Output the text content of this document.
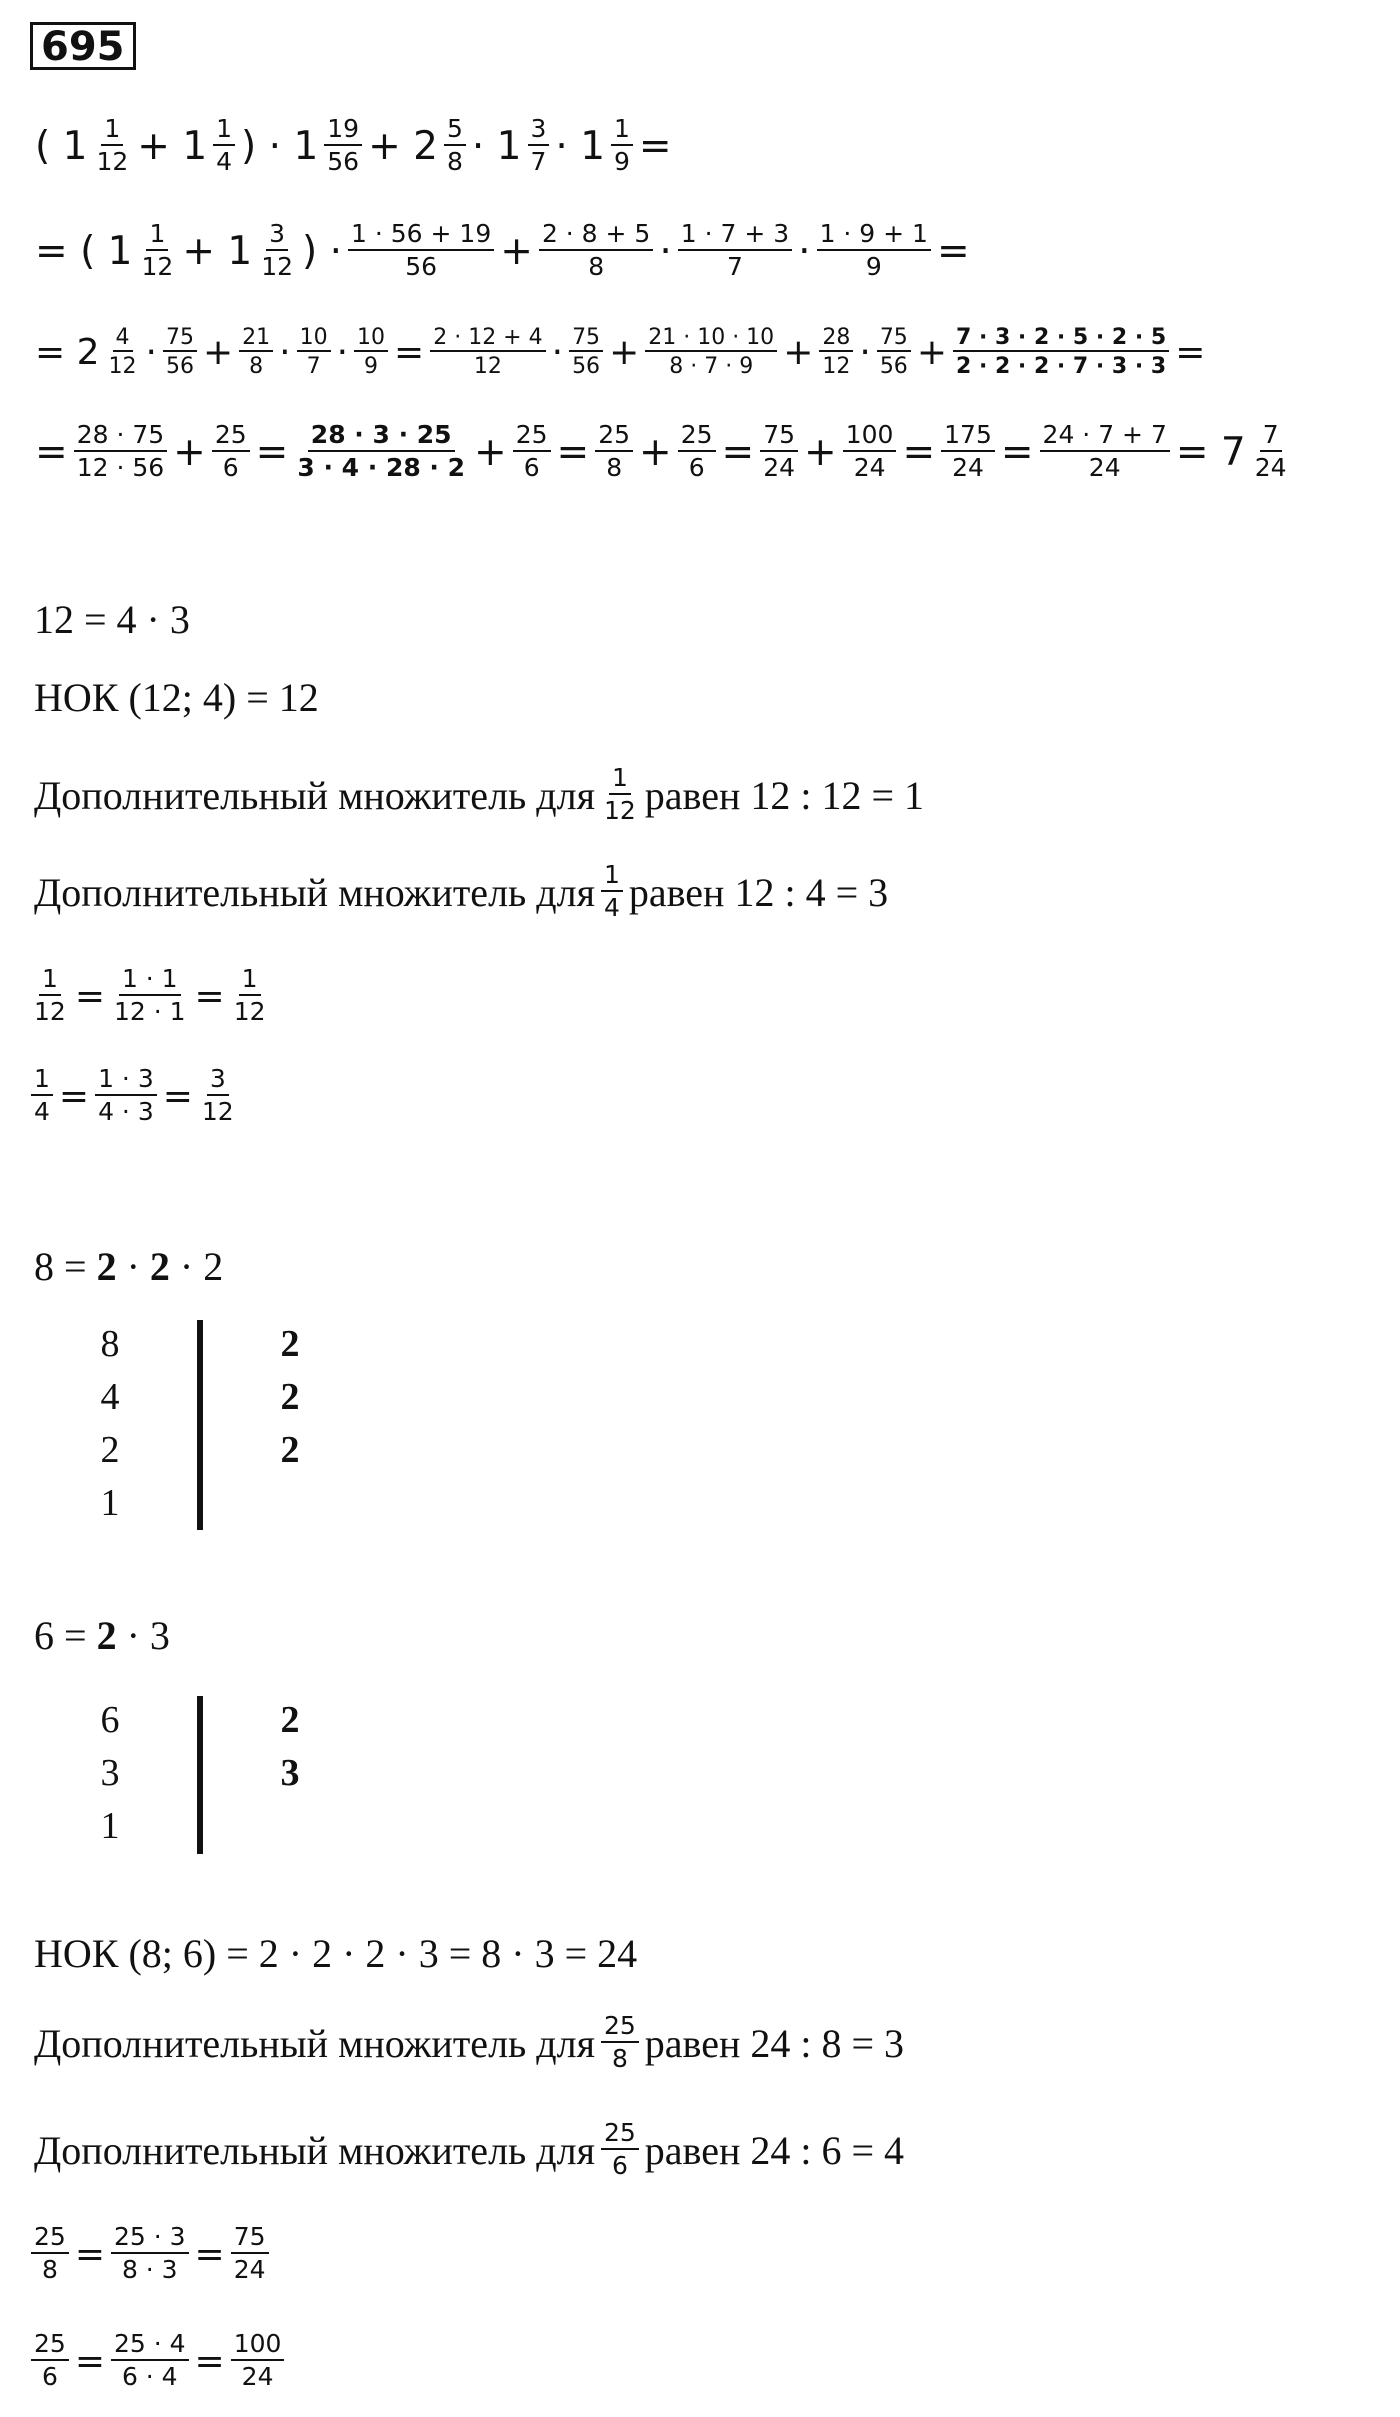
695
( $1 \frac{1}{12} + 1 \frac{1}{4}$ ) · $1 \frac{19}{56} + 2 \frac{5}{8} \cdot 1 \frac{3}{7} \cdot 1 \frac{1}{9}$ =
= ( $1 \frac{1}{12} + 1 \frac{3}{12}$ ) · $\frac{1 \cdot 56 + 19}{56} + \frac{2 \cdot 8 + 5}{8} \cdot \frac{1 \cdot 7 + 3}{7} \cdot \frac{1 \cdot 9 + 1}{9}$ =
= $2 \frac{4}{12} \cdot \frac{75}{56} + \frac{21}{8} \cdot \frac{10}{7} \cdot \frac{10}{9} = \frac{2 \cdot 12 + 4}{12} \cdot \frac{75}{56} + \frac{21 \cdot 10 \cdot 10}{8 \cdot 7 \cdot 9} + \frac{28}{12} \cdot \frac{75}{56} + \frac{7 \cdot 3 \cdot 2 \cdot 5 \cdot 2 \cdot 5}{2 \cdot 2 \cdot 2 \cdot 7 \cdot 3 \cdot 3}$ =
= $\frac{28 \cdot 75}{12 \cdot 56} + \frac{25}{6} = \frac{28 \cdot 3 \cdot 25}{3 \cdot 4 \cdot 28 \cdot 2} + \frac{25}{6} = \frac{25}{8} + \frac{25}{6} = \frac{75}{24} + \frac{100}{24} = \frac{175}{24} = \frac{24 \cdot 7 + 7}{24} = 7 \frac{7}{24}$
12 = 4 · 3
НОК (12; 4) = 12
Дополнительный множитель для $\frac{1}{12}$ равен
12 : 12 = 1
Дополнительный множитель для $\frac{1}{4}$ равен
12 : 4 = 3
$\frac{1}{12} = \frac{1 \cdot 1}{12 \cdot 1} = \frac{1}{12}$
$\frac{1}{4} = \frac{1 \cdot 3}{4 \cdot 3} = \frac{3}{12}$
8 = 2 · 2 · 2
8
4
2
1
2
2
2
6 = 2 · 3
6
3
1
2
3
НОК (8; 6) = 2 · 2 · 2 · 3 = 8 · 3 = 24
Дополнительный множитель для $\frac{25}{8}$ равен
24 : 8 = 3
Дополнительный множитель для $\frac{25}{6}$ равен
24 : 6 = 4
$\frac{25}{8} = \frac{25 \cdot 3}{8 \cdot 3} = \frac{75}{24}$
$\frac{25}{6} = \frac{25 \cdot 4}{6 \cdot 4} = \frac{100}{24}$
